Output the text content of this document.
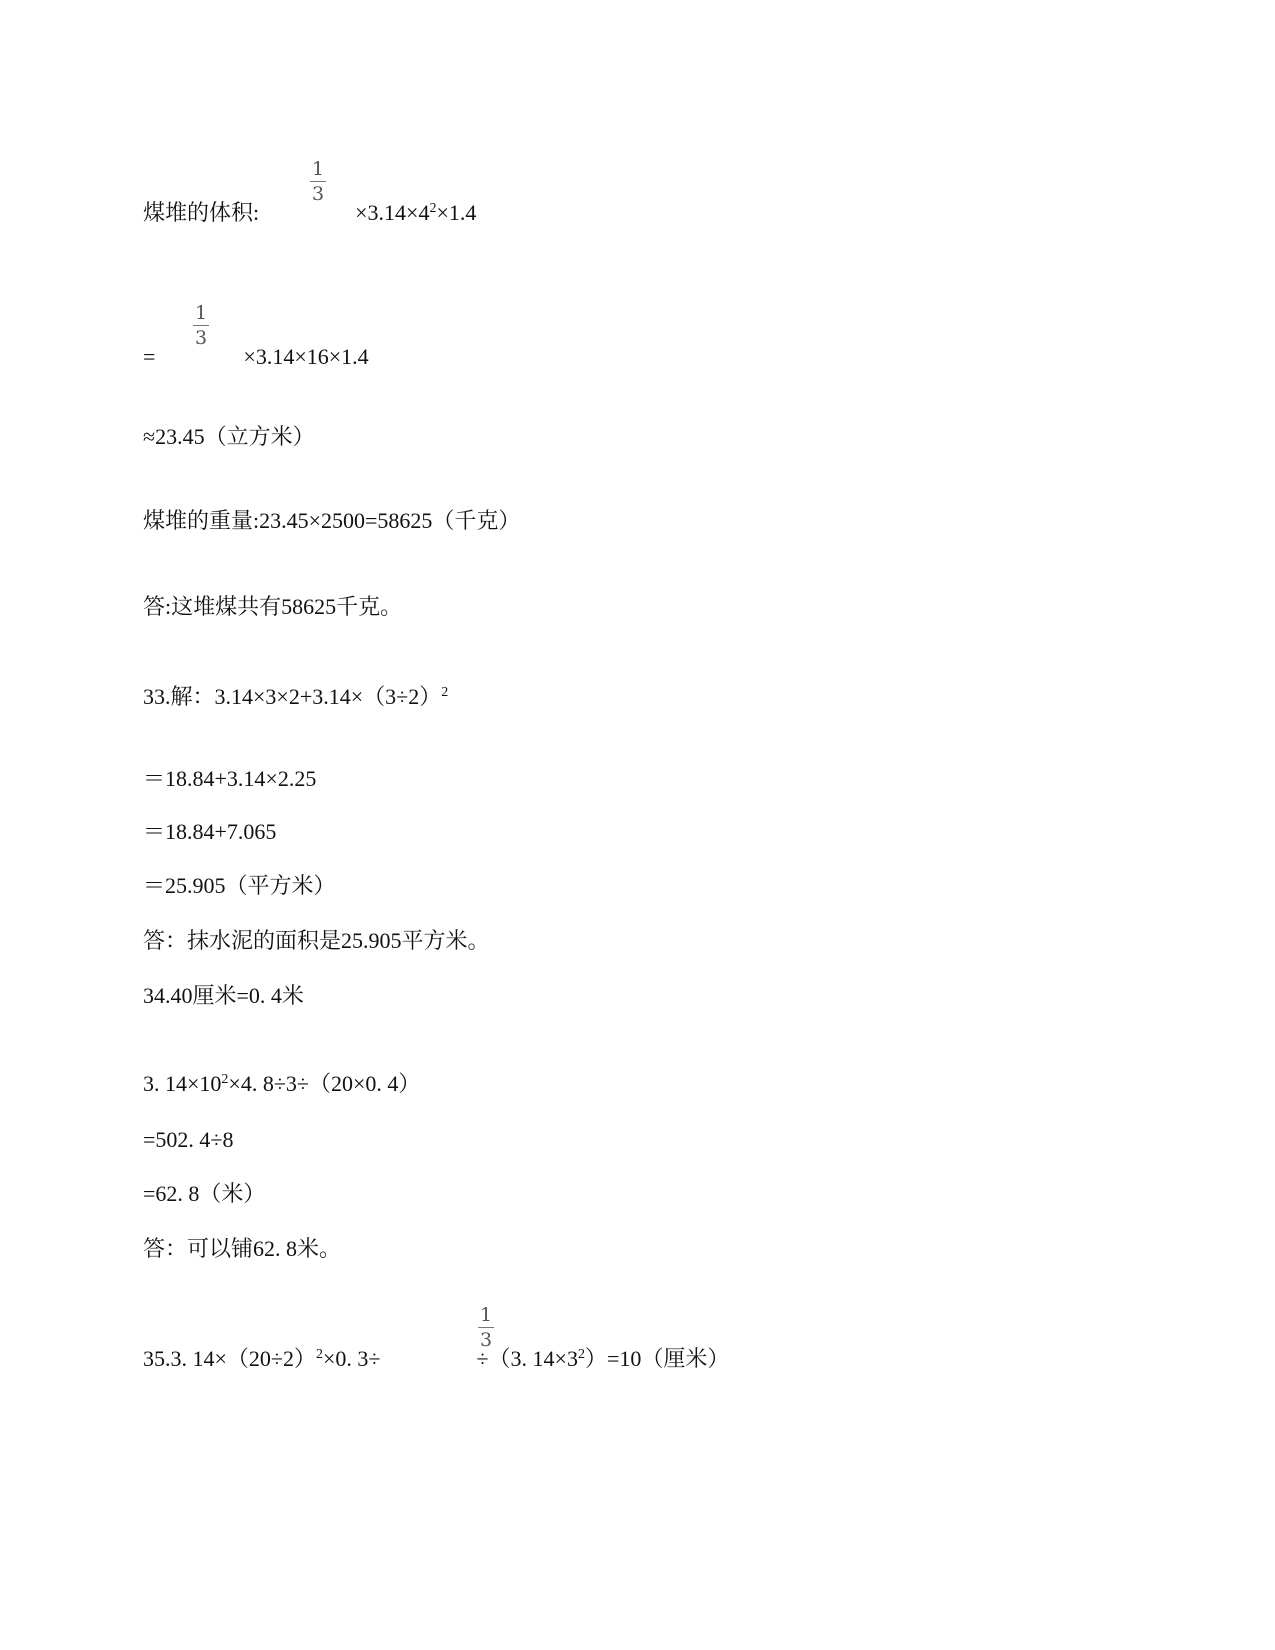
1
3
煤堆的体积:	$\times 3.14\times 4^2\times 1.4$
1
3
=	×3.14×16×1.4
≈23.45（立方米）
煤堆的重量:23.45×2500=58625（千克）
答:这堆煤共有58625千克。
33.解：$3.14\times 3\times 2+3.14\times(3\div 2)^2$
＝18.84+3.14×2.25
＝18.84+7.065
＝25.905（平方米）
答：抹水泥的面积是25.905平方米。
34.40厘米=0. 4米
3. $14\times 10^2\times 4$. 8÷3÷（20×0. 4）
=502. 4÷8
=62. 8（米）
答：可以铺62. 8米。
1
3
35.3. $14\times(20\div 2)^2\times 0$. 3÷	÷（3. $14\times 3^2)=10$（厘米）
